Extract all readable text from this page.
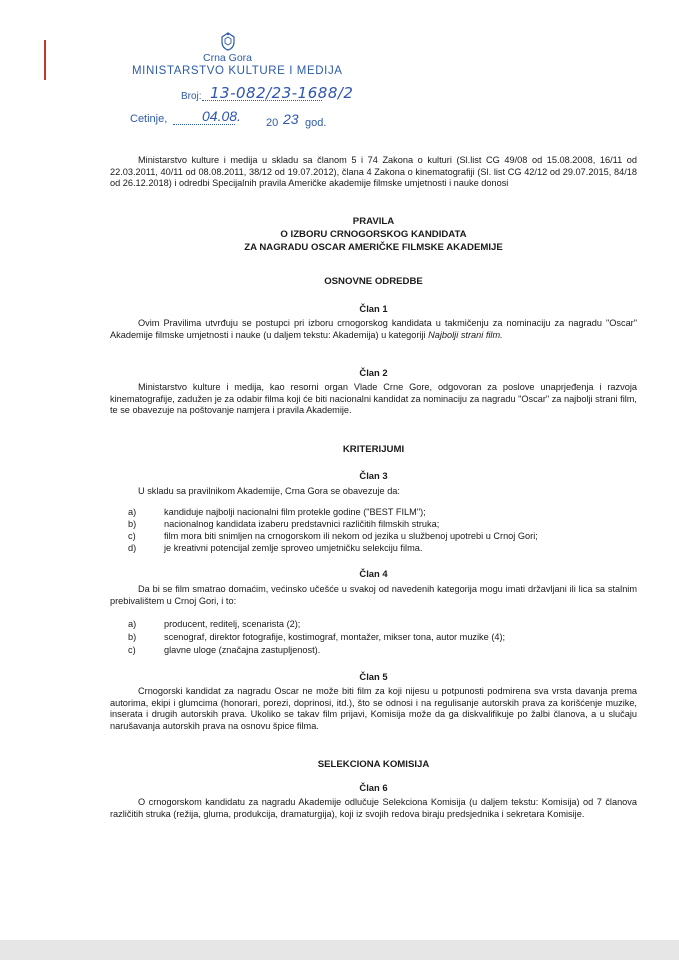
Crna Gora
MINISTARSTVO KULTURE I MEDIJA
Broj: 13-082/23-1688/2
Cetinje, 04.08. 20 23 god.

Ministarstvo kulture i medija u skladu sa članom 5 i 74 Zakona o kulturi (Sl.list CG 49/08 od 15.08.2008, 16/11 od 22.03.2011, 40/11 od 08.08.2011, 38/12 od 19.07.2012), člana 4 Zakona o kinematografiji (Sl. list CG 42/12 od 29.07.2015, 84/18 od 26.12.2018) i odredbi Specijalnih pravila Američke akademije filmske umjetnosti i nauke donosi

PRAVILA
O IZBORU CRNOGORSKOG KANDIDATA
ZA NAGRADU OSCAR AMERIČKE FILMSKE AKADEMIJE
OSNOVNE ODREDBE
Član 1

Ovim Pravilima utvrđuju se postupci pri izboru crnogorskog kandidata u takmičenju za nominaciju za nagradu "Oscar" Akademije filmske umjetnosti i nauke (u daljem tekstu: Akademija) u kategoriji Najbolji strani film.

Član 2

Ministarstvo kulture i medija, kao resorni organ Vlade Crne Gore, odgovoran za poslove unaprjeđenja i razvoja kinematografije, zadužen je za odabir filma koji će biti nacionalni kandidat za nominaciju za nagradu "Oscar" za najbolji strani film, te se obavezuje na poštovanje namjera i pravila Akademije.

KRITERIJUMI
Član 3

U skladu sa pravilnikom Akademije, Crna Gora se obavezuje da:

a)	kandiduje najbolji nacionalni film protekle godine ("BEST FILM");
b)	nacionalnog kandidata izaberu predstavnici različitih filmskih struka;
c)	film mora biti snimljen na crnogorskom ili nekom od jezika u službenoj upotrebi u Crnoj Gori;
d)	je kreativni potencijal zemlje sproveo umjetničku selekciju filma.
Član 4

Da bi se film smatrao domaćim, većinsko učešće u svakoj od navedenih kategorija mogu imati državljani ili lica sa stalnim prebivalištem u Crnoj Gori, i to:

a)	producent, reditelj, scenarista (2);
b)	scenograf, direktor fotografije, kostimograf, montažer, mikser tona, autor muzike (4);
c)	glavne uloge (značajna zastupljenost).
Član 5

Crnogorski kandidat za nagradu Oscar ne može biti film za koji nijesu u potpunosti podmirena sva vrsta davanja prema autorima, ekipi i glumcima (honorari, porezi, doprinosi, itd.), što se odnosi i na regulisanje autorskih prava za korišćenje muzike, inserata i drugih autorskih prava. Ukoliko se takav film prijavi, Komisija može da ga diskvalifikuje po žalbi članova, a u slučaju narušavanja autorskih prava na osnovu špice filma.

SELEKCIONA KOMISIJA
Član 6

O crnogorskom kandidatu za nagradu Akademije odlučuje Selekciona Komisija (u daljem tekstu: Komisija) od 7 članova različitih struka (režija, gluma, produkcija, dramaturgija), koji iz svojih redova biraju predsjednika i sekretara Komisije.
